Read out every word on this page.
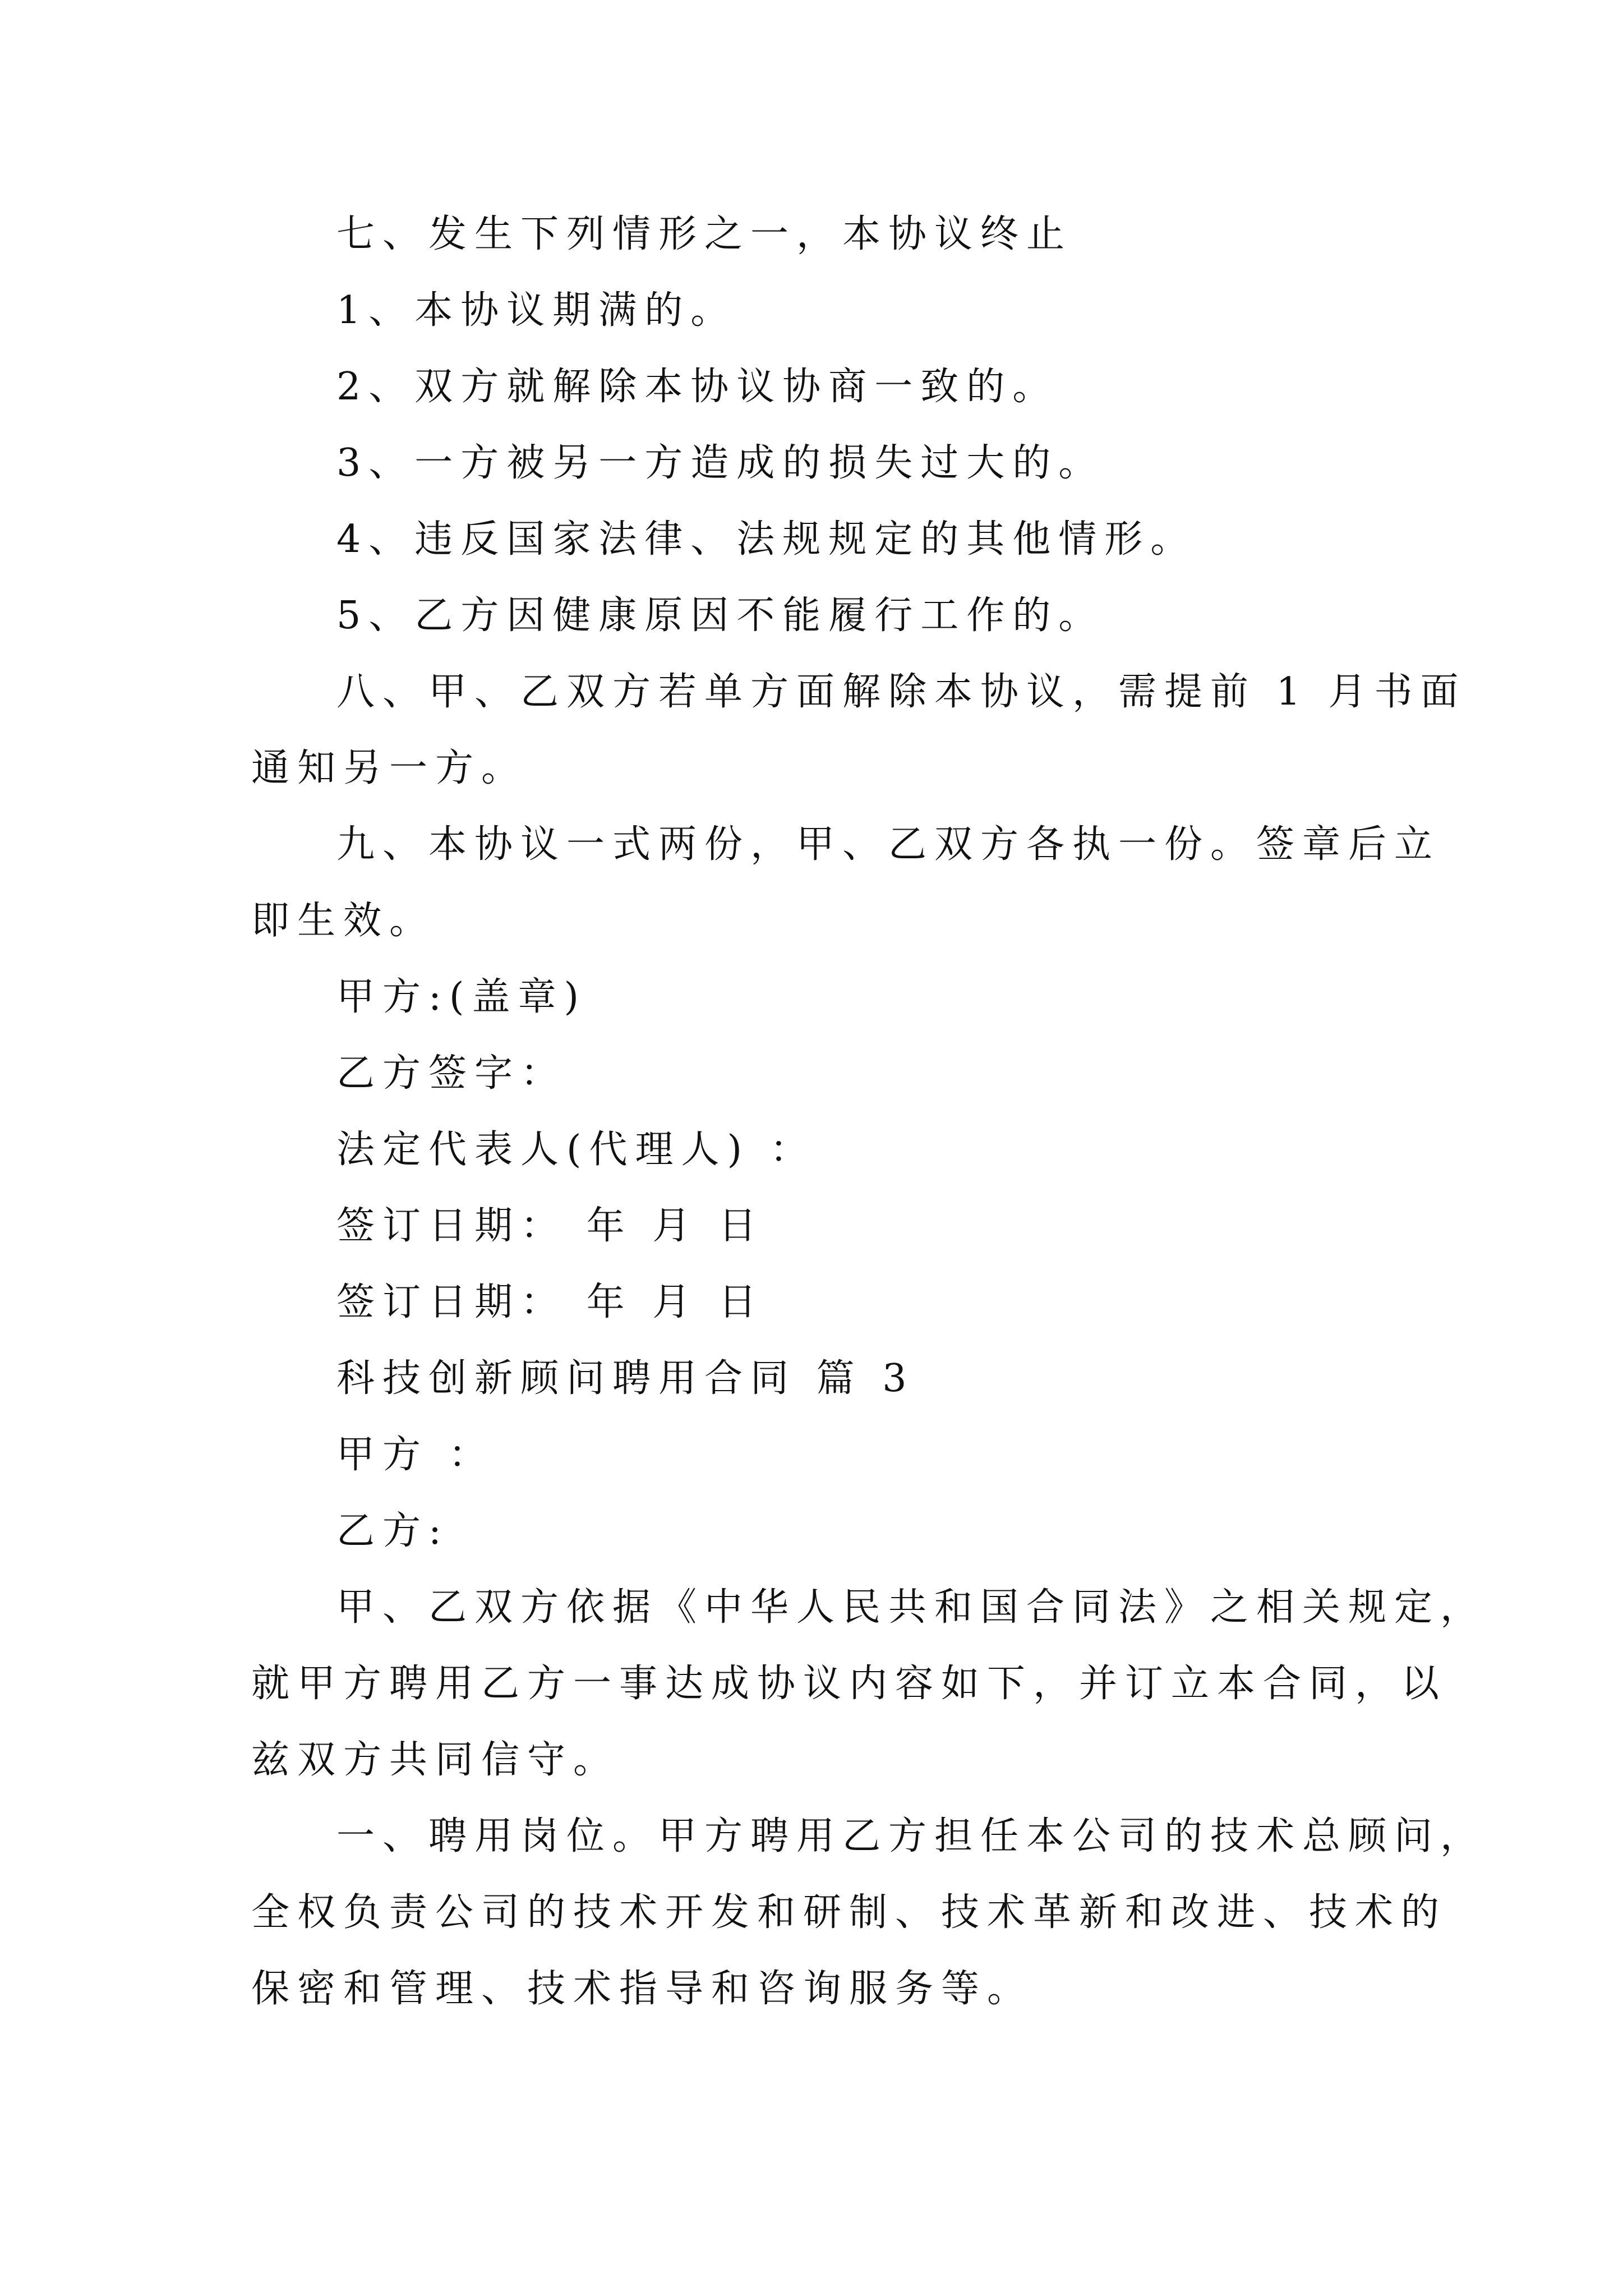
七、发生下列情形之一，本协议终止
1、本协议期满的。
2、双方就解除本协议协商一致的。
3、一方被另一方造成的损失过大的。
4、违反国家法律、法规规定的其他情形。
5、乙方因健康原因不能履行工作的。
八、甲、乙双方若单方面解除本协议，需提前 1 月书面
通知另一方。
九、本协议一式两份，甲、乙双方各执一份。签章后立
即生效。
甲方:(盖章)
乙方签字：
法定代表人(代理人) ：
签订日期： 年 月 日
签订日期： 年 月 日
科技创新顾问聘用合同 篇 3
甲方 ：
乙方:
甲、乙双方依据《中华人民共和国合同法》之相关规定，
就甲方聘用乙方一事达成协议内容如下，并订立本合同，以
兹双方共同信守。
一、聘用岗位。甲方聘用乙方担任本公司的技术总顾问，
全权负责公司的技术开发和研制、技术革新和改进、技术的
保密和管理、技术指导和咨询服务等。
